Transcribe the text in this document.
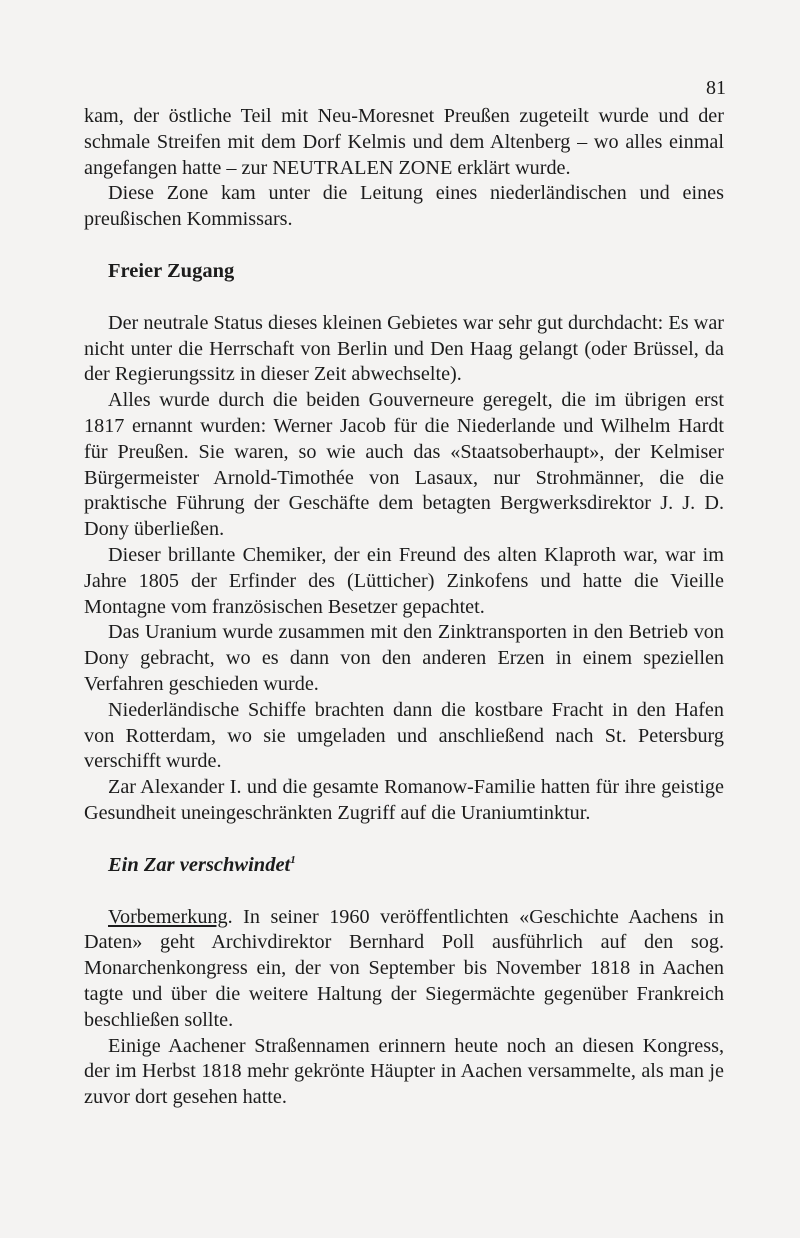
81

kam, der östliche Teil mit Neu-Moresnet Preußen zugeteilt wurde und der schmale Streifen mit dem Dorf Kelmis und dem Altenberg – wo alles einmal angefangen hatte – zur NEUTRALEN ZONE erklärt wurde.

Diese Zone kam unter die Leitung eines niederländischen und eines preußischen Kommissars.

Freier Zugang

Der neutrale Status dieses kleinen Gebietes war sehr gut durchdacht: Es war nicht unter die Herrschaft von Berlin und Den Haag gelangt (oder Brüssel, da der Regierungssitz in dieser Zeit abwechselte).

Alles wurde durch die beiden Gouverneure geregelt, die im übrigen erst 1817 ernannt wurden: Werner Jacob für die Niederlande und Wilhelm Hardt für Preußen. Sie waren, so wie auch das «Staatsoberhaupt», der Kelmiser Bürgermeister Arnold-Timothée von Lasaux, nur Strohmänner, die die praktische Führung der Geschäfte dem betagten Bergwerksdirektor J. J. D. Dony überließen.

Dieser brillante Chemiker, der ein Freund des alten Klaproth war, war im Jahre 1805 der Erfinder des (Lütticher) Zinkofens und hatte die Vieille Montagne vom französischen Besetzer gepachtet.

Das Uranium wurde zusammen mit den Zinktransporten in den Betrieb von Dony gebracht, wo es dann von den anderen Erzen in einem speziellen Verfahren geschieden wurde.

Niederländische Schiffe brachten dann die kostbare Fracht in den Hafen von Rotterdam, wo sie umgeladen und anschließend nach St. Petersburg verschifft wurde.

Zar Alexander I. und die gesamte Romanow-Familie hatten für ihre geistige Gesundheit uneingeschränkten Zugriff auf die Uraniumtinktur.

Ein Zar verschwindet$^1$

Vorbemerkung. In seiner 1960 veröffentlichten «Geschichte Aachens in Daten» geht Archivdirektor Bernhard Poll ausführlich auf den sog. Monarchenkongress ein, der von September bis November 1818 in Aachen tagte und über die weitere Haltung der Siegermächte gegenüber Frankreich beschließen sollte.

Einige Aachener Straßennamen erinnern heute noch an diesen Kongress, der im Herbst 1818 mehr gekrönte Häupter in Aachen versammelte, als man je zuvor dort gesehen hatte.
